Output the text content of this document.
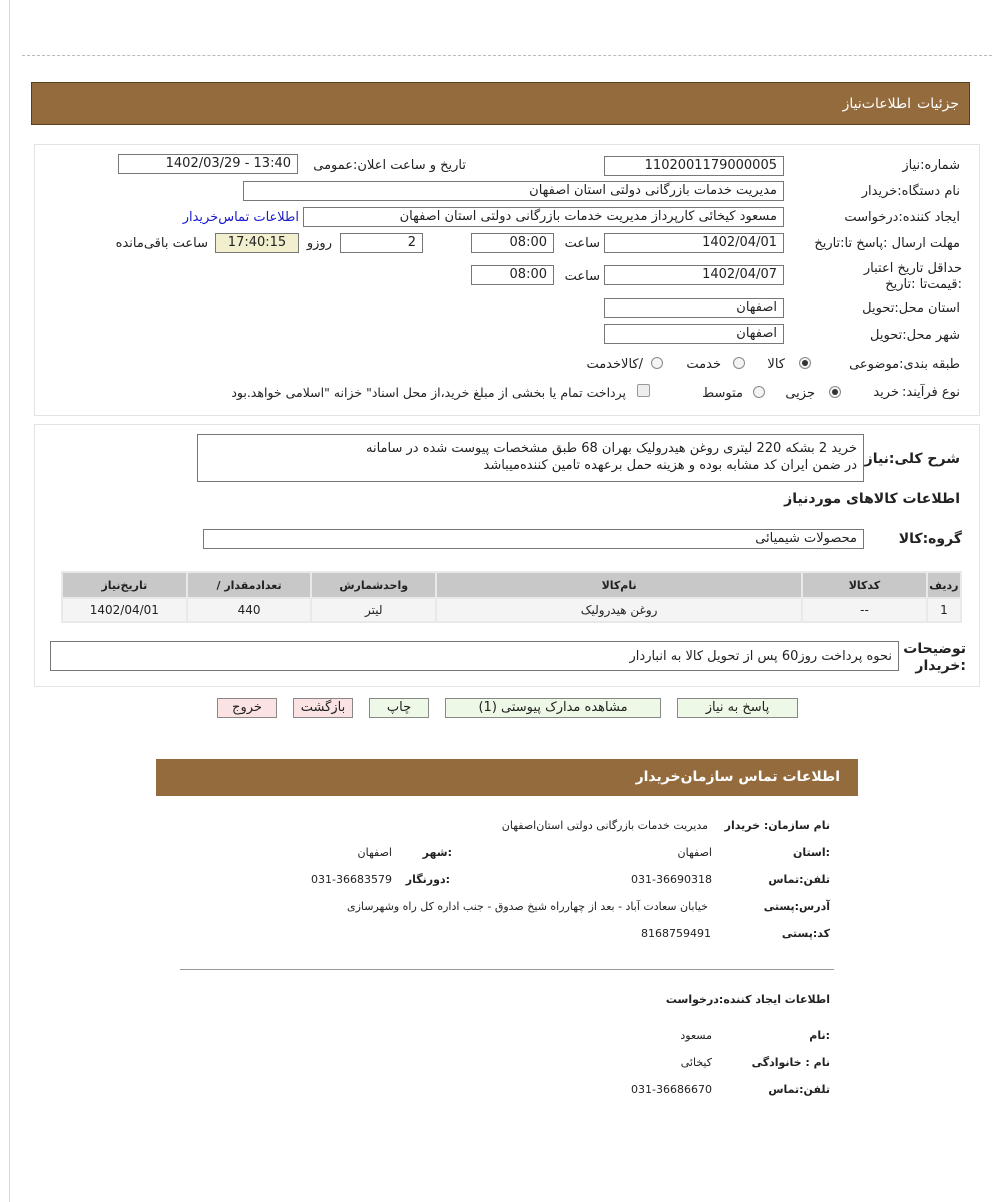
جزئیات
اطلاعات‌نیاز
شماره:نیاز
1102001179000005
تاریخ و ساعت اعلان:عمومی
1402/03/29 - 13:40
نام دستگاه:خریدار
مدیریت خدمات بازرگانی دولتی استان اصفهان
ایجاد کننده:درخواست
مسعود کیخائی کارپرداز مدیریت خدمات بازرگانی دولتی استان اصفهان
اطلاعات تماس‌خریدار
مهلت ارسال :پاسخ تا:تاریخ
1402/04/01
ساعت
08:00
2
روزو
17:40:15
ساعت باقی‌مانده
حداقل تاریخ اعتبار :قیمت‌تا :تاریخ
1402/04/07
ساعت
08:00
استان محل:تحویل
اصفهان
شهر محل:تحویل
اصفهان
طبقه بندی:موضوعی
کالا
خدمت
/کالاخدمت
نوع فرآیند:
خرید
جزیی
متوسط
پرداخت تمام یا بخشی از مبلغ خرید،از محل اسناد" خزانه "اسلامی خواهد.بود
شرح کلی:نیاز
خرید 2 بشکه 220 لیتری روغن هیدرولیک بهران 68 طبق مشخصات پیوست شده در سامانه
در ضمن ایران کد مشابه بوده و هزینه حمل برعهده تامین کننده‌میباشد
اطلاعات کالاهای موردنیاز
گروه:کالا
محصولات شیمیائی
تاریخ‌نیاز	/ تعدادمقدار	واحدشمارش	نام‌کالا	کدکالا	ردیف
1402/04/01	440	لیتر	روغن هیدرولیک	--	1
توضیحات
:خریدار
نحوه پرداخت روز60 پس از تحویل کالا به انباردار
پاسخ به نیاز
مشاهده مدارک پیوستی (1)
چاپ
بازگشت
خروج
اطلاعات تماس سازمان‌خریدار
نام سازمان: خریدار
مدیریت خدمات بازرگانی دولتی استان‌اصفهان
:استان
اصفهان
:شهر
اصفهان
تلفن:تماس
031-36690318
:دورنگار
031-36683579
آدرس:پستی
خیابان سعادت آباد - بعد از چهارراه شیخ صدوق - جنب اداره کل راه وشهرسازی
کد:پستی
8168759491
اطلاعات ایجاد کننده:درخواست
:نام
مسعود
نام : خانوادگی
کیخائی
تلفن:تماس
031-36686670
